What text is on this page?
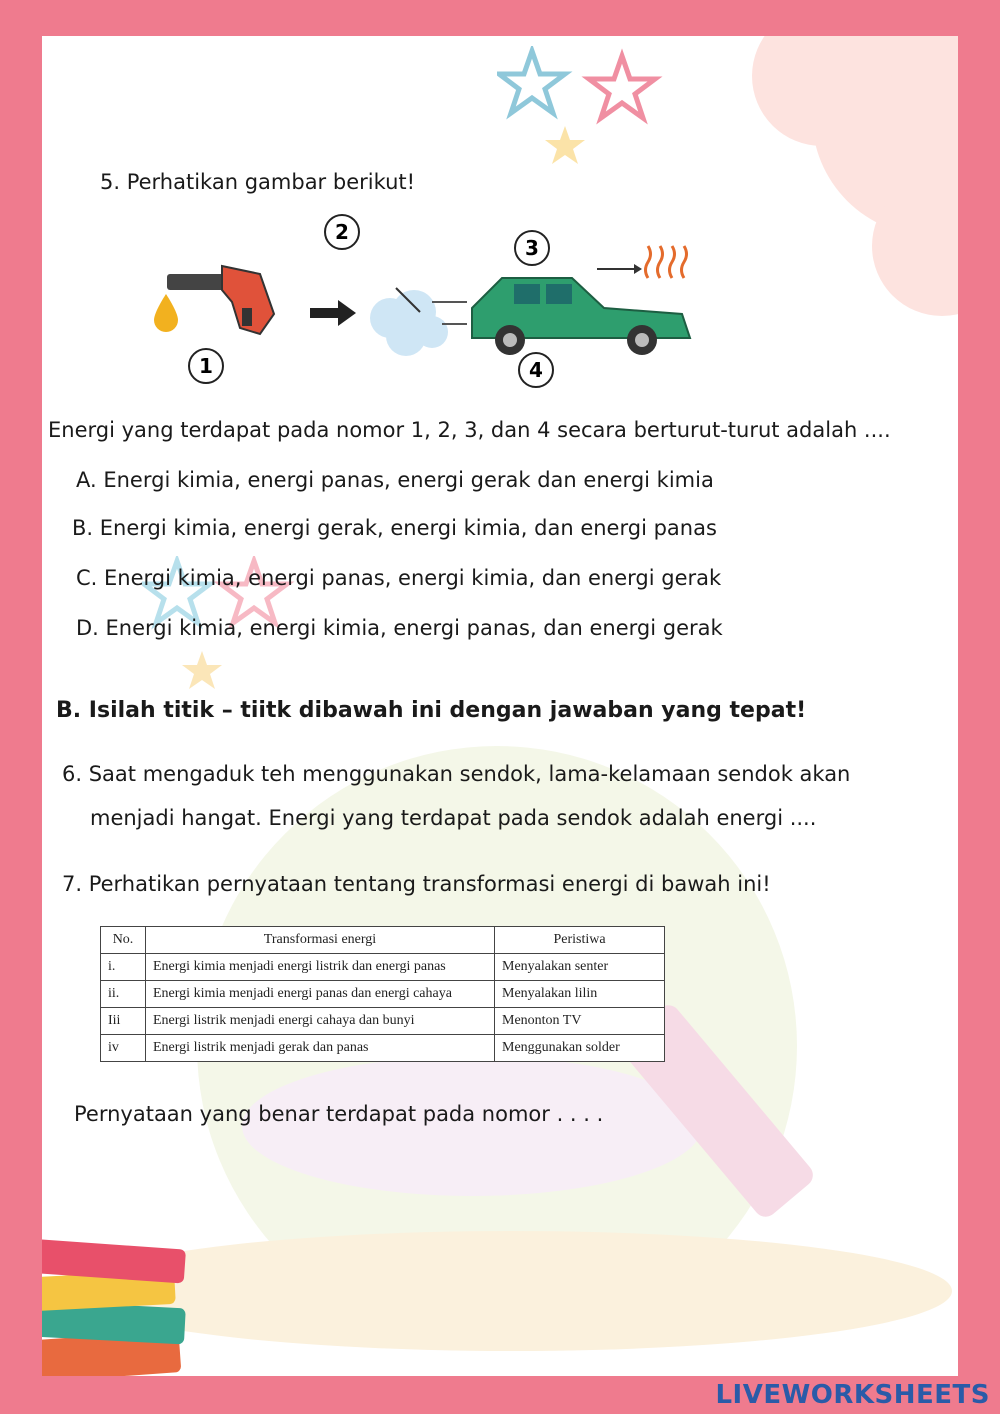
5. Perhatikan gambar berikut!
1
2
3
4
Energi yang terdapat pada nomor 1, 2, 3, dan 4 secara berturut-turut adalah ....
A. Energi kimia, energi panas, energi gerak dan energi kimia
B. Energi kimia, energi gerak, energi kimia, dan energi panas
C. Energi kimia, energi panas, energi kimia, dan energi gerak
D. Energi kimia, energi kimia, energi panas, dan energi gerak
B. Isilah titik – tiitk dibawah ini dengan jawaban yang tepat!
6. Saat mengaduk teh menggunakan sendok, lama-kelamaan sendok akan
menjadi hangat. Energi yang terdapat pada sendok adalah energi ....
7. Perhatikan pernyataan tentang transformasi energi di bawah ini!
Pernyataan yang benar terdapat pada nomor . . . .
No.	Transformasi energi	Peristiwa
i.	Energi kimia menjadi energi listrik dan energi panas	Menyalakan senter
ii.	Energi kimia menjadi energi panas dan energi cahaya	Menyalakan lilin
Iii	Energi listrik menjadi energi cahaya dan bunyi	Menonton TV
iv	Energi listrik menjadi gerak dan panas	Menggunakan solder
LIVEWORKSHEETS
